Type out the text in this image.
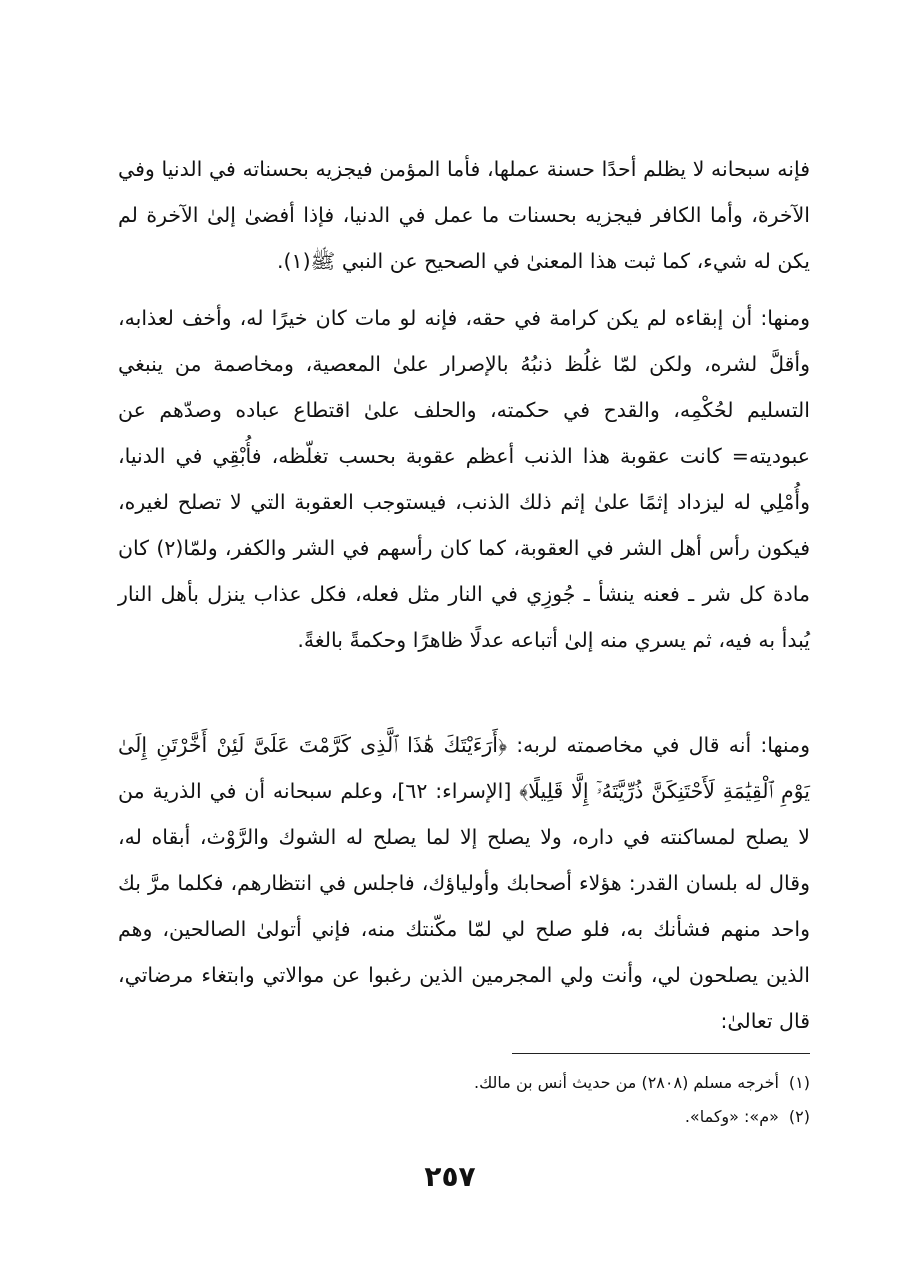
فإنه سبحانه لا يظلم أحدًا حسنة عملها، فأما المؤمن فيجزيه بحسناته في الدنيا وفي الآخرة، وأما الكافر فيجزيه بحسنات ما عمل في الدنيا، فإذا أفضىٰ إلىٰ الآخرة لم يكن له شيء، كما ثبت هذا المعنىٰ في الصحيح عن النبي ﷺ(١).

ومنها: أن إبقاءه لم يكن كرامة في حقه، فإنه لو مات كان خيرًا له، وأخف لعذابه، وأقلَّ لشره، ولكن لمّا غلُظ ذنبُهُ بالإصرار علىٰ المعصية، ومخاصمة من ينبغي التسليم لحُكْمِه، والقدح في حكمته، والحلف علىٰ اقتطاع عباده وصدّهم عن عبوديته= كانت عقوبة هذا الذنب أعظم عقوبة بحسب تغلّظه، فأُبْقِي في الدنيا، وأُمْلِي له ليزداد إثمًا علىٰ إثم ذلك الذنب، فيستوجب العقوبة التي لا تصلح لغيره، فيكون رأس أهل الشر في العقوبة، كما كان رأسهم في الشر والكفر، ولمّا(٢) كان مادة كل شر ـ فعنه ينشأ ـ جُوزِي في النار مثل فعله، فكل عذاب ينزل بأهل النار يُبدأ به فيه، ثم يسري منه إلىٰ أتباعه عدلًا ظاهرًا وحكمةً بالغةً.

ومنها: أنه قال في مخاصمته لربه: ﴿أَرَءَيْتَكَ هَٰذَا ٱلَّذِى كَرَّمْتَ عَلَىَّ لَئِنْ أَخَّرْتَنِ إِلَىٰ يَوْمِ ٱلْقِيَٰمَةِ لَأَحْتَنِكَنَّ ذُرِّيَّتَهُۥٓ إِلَّا قَلِيلًا﴾ [الإسراء: ٦٢]، وعلم سبحانه أن في الذرية من لا يصلح لمساكنته في داره، ولا يصلح إلا لما يصلح له الشوك والرَّوْث، أبقاه له، وقال له بلسان القدر: هؤلاء أصحابك وأولياؤك، فاجلس في انتظارهم، فكلما مرَّ بك واحد منهم فشأنك به، فلو صلح لي لمّا مكّنتك منه، فإني أتولىٰ الصالحين، وهم الذين يصلحون لي، وأنت ولي المجرمين الذين رغبوا عن موالاتي وابتغاء مرضاتي، قال تعالىٰ:

(١)أخرجه مسلم (٢٨٠٨) من حديث أنس بن مالك.
(٢)«م»: «وكما».
٢٥٧
